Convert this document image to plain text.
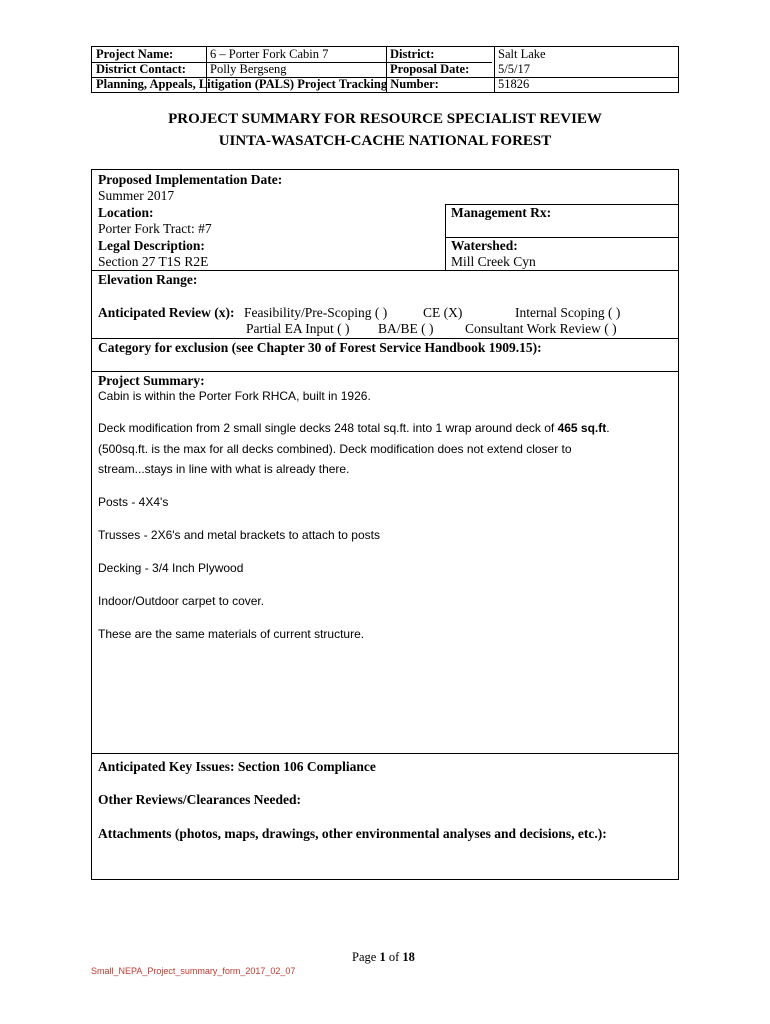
Project Name:	6 – Porter Fork Cabin 7	District:	Salt Lake
District Contact: Polly Bergseng	Proposal Date: 5/5/17
Planning, Appeals, Litigation (PALS) Project Tracking Number:	51826
PROJECT SUMMARY FOR RESOURCE SPECIALIST REVIEW
UINTA-WASATCH-CACHE NATIONAL FOREST
Proposed Implementation Date:
Summer 2017
Location:
Porter Fork Tract: #7
Management Rx:
Legal Description:
Section 27 T1S R2E
Watershed:
Mill Creek Cyn
Elevation Range:
Anticipated Review (x): Feasibility/Pre-Scoping ( )	CE (X)	Internal Scoping ( )
Partial EA Input ( ) BA/BE ( ) Consultant Work Review ( )
Category for exclusion (see Chapter 30 of Forest Service Handbook 1909.15):
Project Summary:
Cabin is within the Porter Fork RHCA, built in 1926.
Deck modification from 2 small single decks 248 total sq.ft. into 1 wrap around deck of 465 sq.ft.
(500sq.ft. is the max for all decks combined). Deck modification does not extend closer to
stream...stays in line with what is already there.
Posts - 4X4's
Trusses - 2X6's and metal brackets to attach to posts
Decking - 3/4 Inch Plywood
Indoor/Outdoor carpet to cover.
These are the same materials of current structure.
Anticipated Key Issues: Section 106 Compliance
Other Reviews/Clearances Needed:
Attachments (photos, maps, drawings, other environmental analyses and decisions, etc.):
Page 1 of 18
Small_NEPA_Project_summary_form_2017_02_07
